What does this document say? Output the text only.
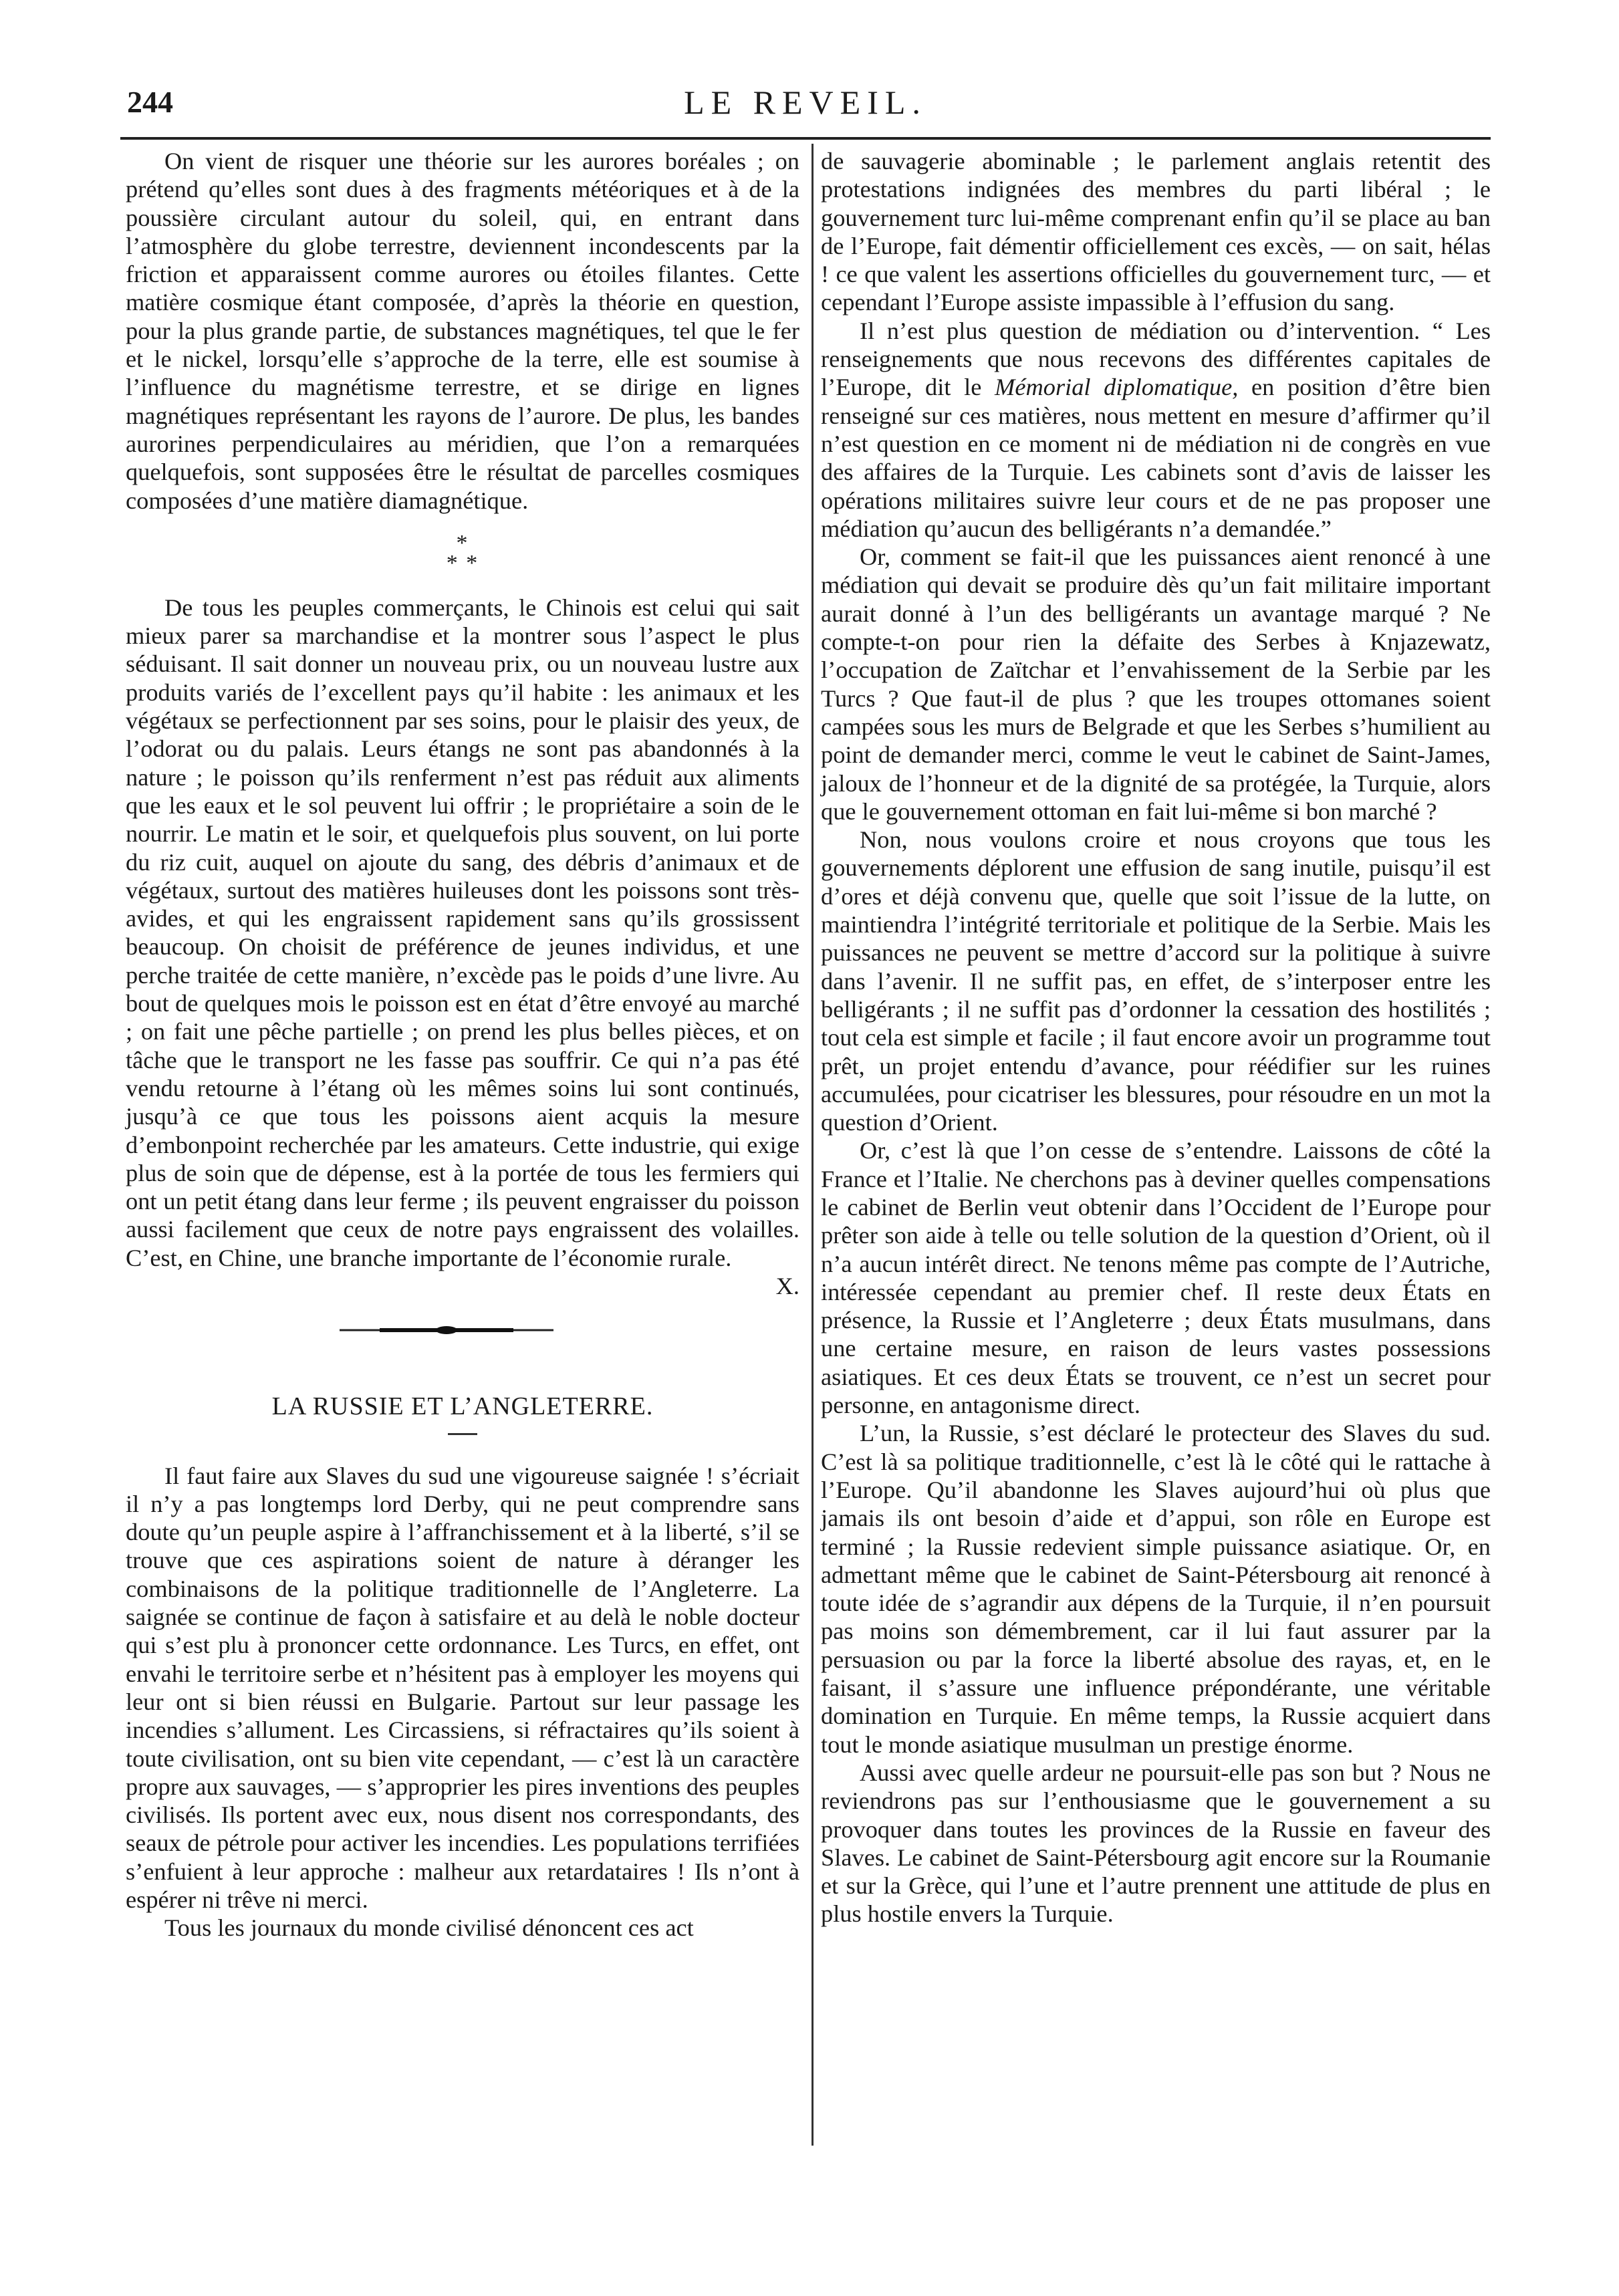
244	LE REVEIL.

On vient de risquer une théorie sur les aurores boréales ; on prétend qu’elles sont dues à des fragments météoriques et à de la poussière circulant autour du soleil, qui, en entrant dans l’atmosphère du globe terrestre, deviennent incondescents par la friction et apparaissent comme aurores ou étoiles filantes. Cette matière cosmique étant composée, d’après la théorie en question, pour la plus grande partie, de substances magnétiques, tel que le fer et le nickel, lorsqu’elle s’approche de la terre, elle est soumise à l’influence du magnétisme terrestre, et se dirige en lignes magnétiques représentant les rayons de l’aurore. De plus, les bandes aurorines perpendiculaires au méridien, que l’on a remarquées quelquefois, sont supposées être le résultat de parcelles cosmiques composées d’une matière diamagnétique.

*
* *

De tous les peuples commerçants, le Chinois est celui qui sait mieux parer sa marchandise et la montrer sous l’aspect le plus séduisant. Il sait donner un nouveau prix, ou un nouveau lustre aux produits variés de l’excellent pays qu’il habite : les animaux et les végétaux se perfectionnent par ses soins, pour le plaisir des yeux, de l’odorat ou du palais. Leurs étangs ne sont pas abandonnés à la nature ; le poisson qu’ils renferment n’est pas réduit aux aliments que les eaux et le sol peuvent lui offrir ; le propriétaire a soin de le nourrir. Le matin et le soir, et quelquefois plus souvent, on lui porte du riz cuit, auquel on ajoute du sang, des débris d’animaux et de végétaux, surtout des matières huileuses dont les poissons sont très-avides, et qui les engraissent rapidement sans qu’ils grossissent beaucoup. On choisit de préférence de jeunes individus, et une perche traitée de cette manière, n’excède pas le poids d’une livre. Au bout de quelques mois le poisson est en état d’être envoyé au marché ; on fait une pêche partielle ; on prend les plus belles pièces, et on tâche que le transport ne les fasse pas souffrir. Ce qui n’a pas été vendu retourne à l’étang où les mêmes soins lui sont continués, jusqu’à ce que tous les poissons aient acquis la mesure d’embonpoint recherchée par les amateurs. Cette industrie, qui exige plus de soin que de dépense, est à la portée de tous les fermiers qui ont un petit étang dans leur ferme ; ils peuvent engraisser du poisson aussi facilement que ceux de notre pays engraissent des volailles. C’est, en Chine, une branche importante de l’économie rurale.

X.

LA RUSSIE ET L’ANGLETERRE.

Il faut faire aux Slaves du sud une vigoureuse saignée ! s’écriait il n’y a pas longtemps lord Derby, qui ne peut comprendre sans doute qu’un peuple aspire à l’affranchissement et à la liberté, s’il se trouve que ces aspirations soient de nature à déranger les combinaisons de la politique traditionnelle de l’Angleterre. La saignée se continue de façon à satisfaire et au delà le noble docteur qui s’est plu à prononcer cette ordonnance. Les Turcs, en effet, ont envahi le territoire serbe et n’hésitent pas à employer les moyens qui leur ont si bien réussi en Bulgarie. Partout sur leur passage les incendies s’allument. Les Circassiens, si réfractaires qu’ils soient à toute civilisation, ont su bien vite cependant, — c’est là un caractère propre aux sauvages, — s’approprier les pires inventions des peuples civilisés. Ils portent avec eux, nous disent nos correspondants, des seaux de pétrole pour activer les incendies. Les populations terrifiées s’enfuient à leur approche : malheur aux retardataires ! Ils n’ont à espérer ni trêve ni merci.

Tous les journaux du monde civilisé dénoncent ces act

de sauvagerie abominable ; le parlement anglais retentit des protestations indignées des membres du parti libéral ; le gouvernement turc lui-même comprenant enfin qu’il se place au ban de l’Europe, fait démentir officiellement ces excès, — on sait, hélas ! ce que valent les assertions officielles du gouvernement turc, — et cependant l’Europe assiste impassible à l’effusion du sang.

Il n’est plus question de médiation ou d’intervention. “ Les renseignements que nous recevons des différentes capitales de l’Europe, dit le Mémorial diplomatique, en position d’être bien renseigné sur ces matières, nous mettent en mesure d’affirmer qu’il n’est question en ce moment ni de médiation ni de congrès en vue des affaires de la Turquie. Les cabinets sont d’avis de laisser les opérations militaires suivre leur cours et de ne pas proposer une médiation qu’aucun des belligérants n’a demandée.”

Or, comment se fait-il que les puissances aient renoncé à une médiation qui devait se produire dès qu’un fait militaire important aurait donné à l’un des belligérants un avantage marqué ? Ne compte-t-on pour rien la défaite des Serbes à Knjazewatz, l’occupation de Zaïtchar et l’envahissement de la Serbie par les Turcs ? Que faut-il de plus ? que les troupes ottomanes soient campées sous les murs de Belgrade et que les Serbes s’humilient au point de demander merci, comme le veut le cabinet de Saint-James, jaloux de l’honneur et de la dignité de sa protégée, la Turquie, alors que le gouvernement ottoman en fait lui-même si bon marché ?

Non, nous voulons croire et nous croyons que tous les gouvernements déplorent une effusion de sang inutile, puisqu’il est d’ores et déjà convenu que, quelle que soit l’issue de la lutte, on maintiendra l’intégrité territoriale et politique de la Serbie. Mais les puissances ne peuvent se mettre d’accord sur la politique à suivre dans l’avenir. Il ne suffit pas, en effet, de s’interposer entre les belligérants ; il ne suffit pas d’ordonner la cessation des hostilités ; tout cela est simple et facile ; il faut encore avoir un programme tout prêt, un projet entendu d’avance, pour réédifier sur les ruines accumulées, pour cicatriser les blessures, pour résoudre en un mot la question d’Orient.

Or, c’est là que l’on cesse de s’entendre. Laissons de côté la France et l’Italie. Ne cherchons pas à deviner quelles compensations le cabinet de Berlin veut obtenir dans l’Occident de l’Europe pour prêter son aide à telle ou telle solution de la question d’Orient, où il n’a aucun intérêt direct. Ne tenons même pas compte de l’Autriche, intéressée cependant au premier chef. Il reste deux États en présence, la Russie et l’Angleterre ; deux États musulmans, dans une certaine mesure, en raison de leurs vastes possessions asiatiques. Et ces deux États se trouvent, ce n’est un secret pour personne, en antagonisme direct.

L’un, la Russie, s’est déclaré le protecteur des Slaves du sud. C’est là sa politique traditionnelle, c’est là le côté qui le rattache à l’Europe. Qu’il abandonne les Slaves aujourd’hui où plus que jamais ils ont besoin d’aide et d’appui, son rôle en Europe est terminé ; la Russie redevient simple puissance asiatique. Or, en admettant même que le cabinet de Saint-Pétersbourg ait renoncé à toute idée de s’agrandir aux dépens de la Turquie, il n’en poursuit pas moins son démembrement, car il lui faut assurer par la persuasion ou par la force la liberté absolue des rayas, et, en le faisant, il s’assure une influence prépondérante, une véritable domination en Turquie. En même temps, la Russie acquiert dans tout le monde asiatique musulman un prestige énorme.

Aussi avec quelle ardeur ne poursuit-elle pas son but ? Nous ne reviendrons pas sur l’enthousiasme que le gouvernement a su provoquer dans toutes les provinces de la Russie en faveur des Slaves. Le cabinet de Saint-Pétersbourg agit encore sur la Roumanie et sur la Grèce, qui l’une et l’autre prennent une attitude de plus en plus hostile envers la Turquie.
